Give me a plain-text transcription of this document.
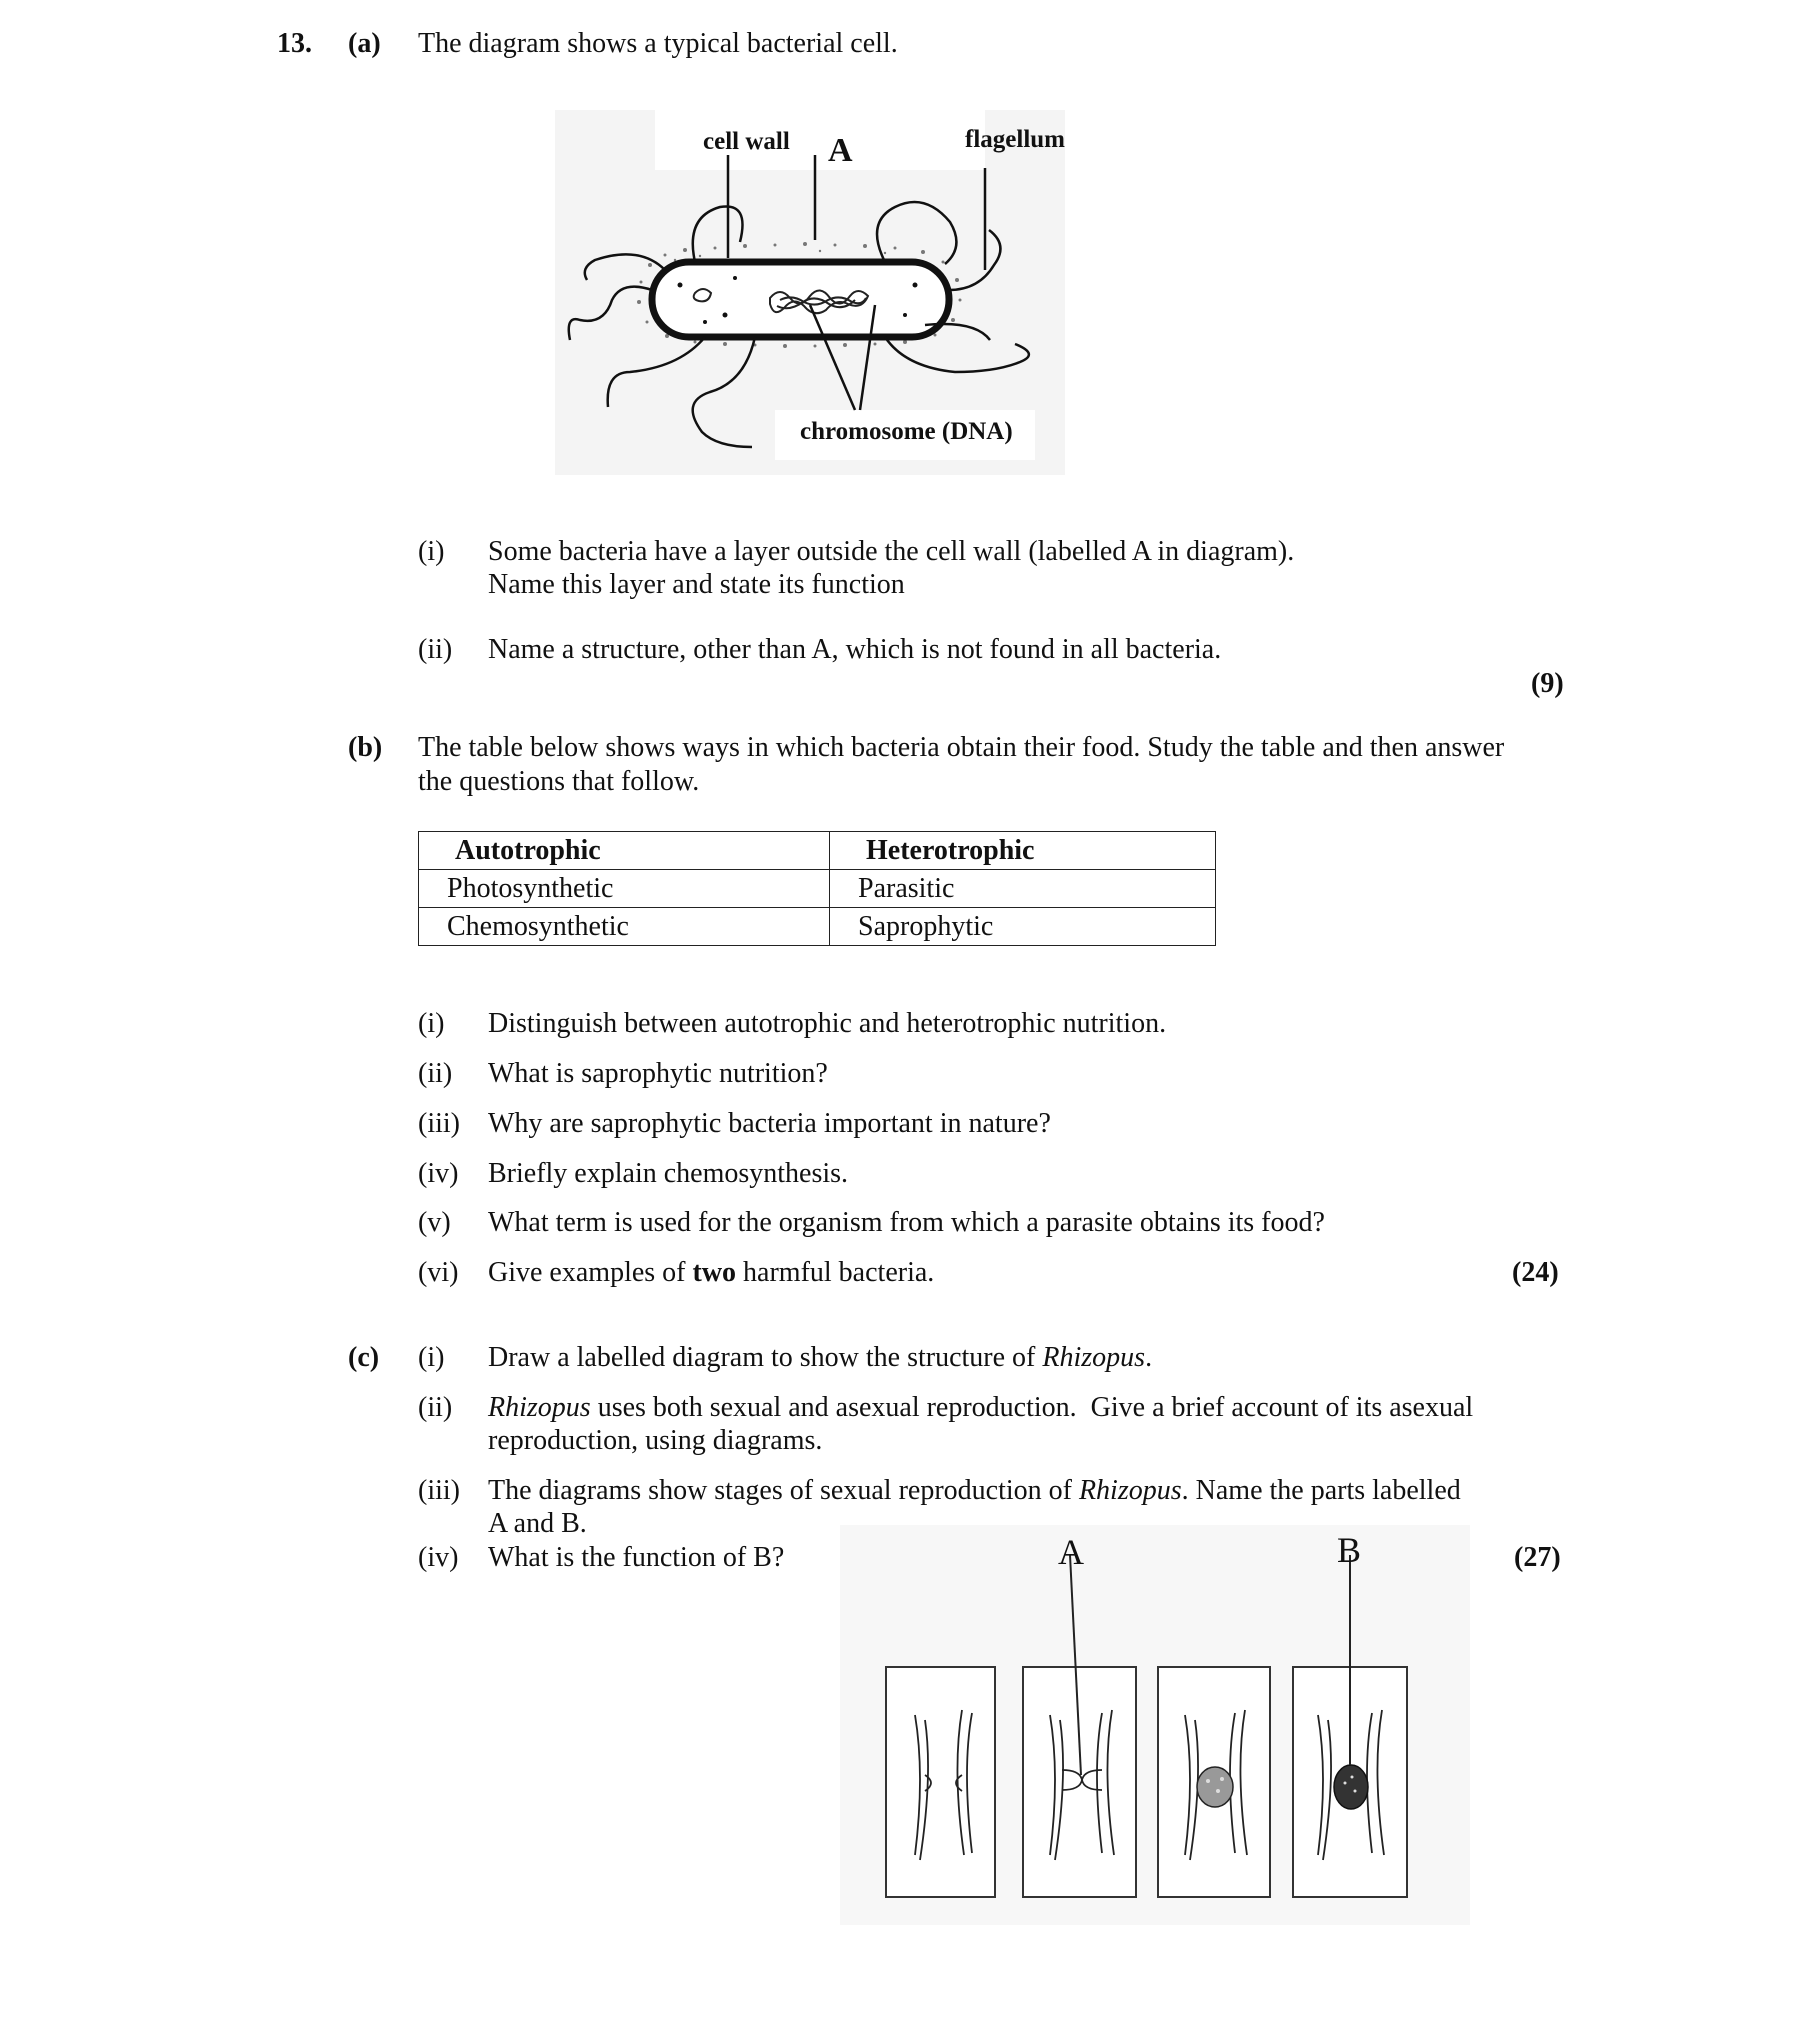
13. (a) The diagram shows a typical bacterial cell.
cell wall A	flagellum
chromosome (DNA)
(i) Some bacteria have a layer outside the cell wall (labelled A in diagram).
Name this layer and state its function
(ii) Name a structure, other than A, which is not found in all bacteria.
(9)
(b) The table below shows ways in which bacteria obtain their food. Study the table and then answer
the questions that follow.
Autotrophic	Heterotrophic
Photosynthetic	Parasitic
Chemosynthetic	Saprophytic
(i) Distinguish between autotrophic and heterotrophic nutrition.
(ii) What is saprophytic nutrition?
(iii) Why are saprophytic bacteria important in nature?
(iv) Briefly explain chemosynthesis.
(v) What term is used for the organism from which a parasite obtains its food?
(vi) Give examples of two harmful bacteria.	(24)
(c) (i) Draw a labelled diagram to show the structure of Rhizopus.
(ii) Rhizopus uses both sexual and asexual reproduction.  Give a brief account of its asexual
reproduction, using diagrams.
(iii) The diagrams show stages of sexual reproduction of Rhizopus. Name the parts labelled
A and B.
(iv) What is the function of B?	(27)
A	B
